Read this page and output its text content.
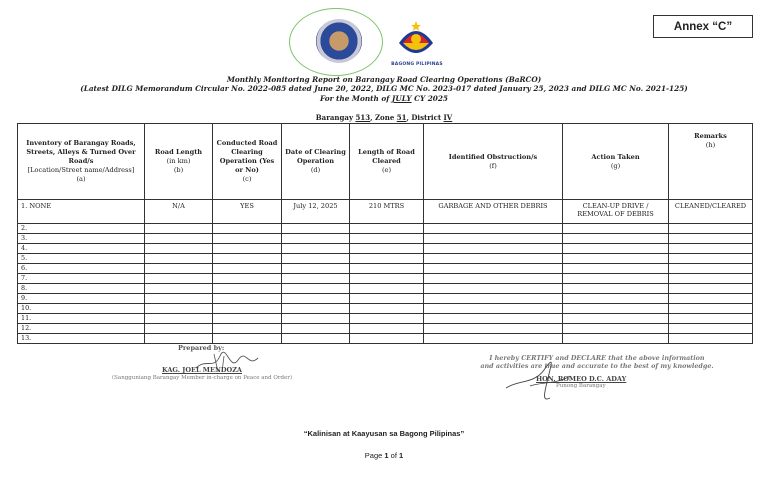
BAGONG PILIPINAS
Annex “C”
Monthly Monitoring Report on Barangay Road Clearing Operations (BaRCO)
(Latest DILG Memorandum Circular No. 2022-085 dated June 20, 2022, DILG MC No. 2023-017 dated January 25, 2023 and DILG MC No. 2021-125)
For the Month of JULY CY 2025
Barangay 513, Zone 51, District IV
Inventory of Barangay Roads, Streets, Alleys & Turned Over Road/s
[Location/Street name/Address]
(a)	Road Length
(in km)
(b)	Conducted Road Clearing Operation (Yes or No)
(c)	Date of Clearing Operation
(d)	Length of Road Cleared
(e)	Identified Obstruction/s
(f)	Action Taken
(g)	Remarks
(h)

1. NONE	N/A	YES	July 12, 2025	210 MTRS	GARBAGE AND OTHER DEBRIS	CLEAN-UP DRIVE / REMOVAL OF DEBRIS	CLEANED/CLEARED
2.							
3.							
4.							
5.							
6.							
7.							
8.							
9.							
10.							
11.							
12.							
13.							
Prepared by:
KAG. JOEL MENDOZA
(Sangguniang Barangay Member in-charge on Peace and Order)
I hereby CERTIFY and DECLARE that the above information
and activities are true and accurate to the best of my knowledge.
HON. ROMEO D.C. ADAY
Punong Barangay
“Kalinisan at Kaayusan sa Bagong Pilipinas”
Page 1 of 1
